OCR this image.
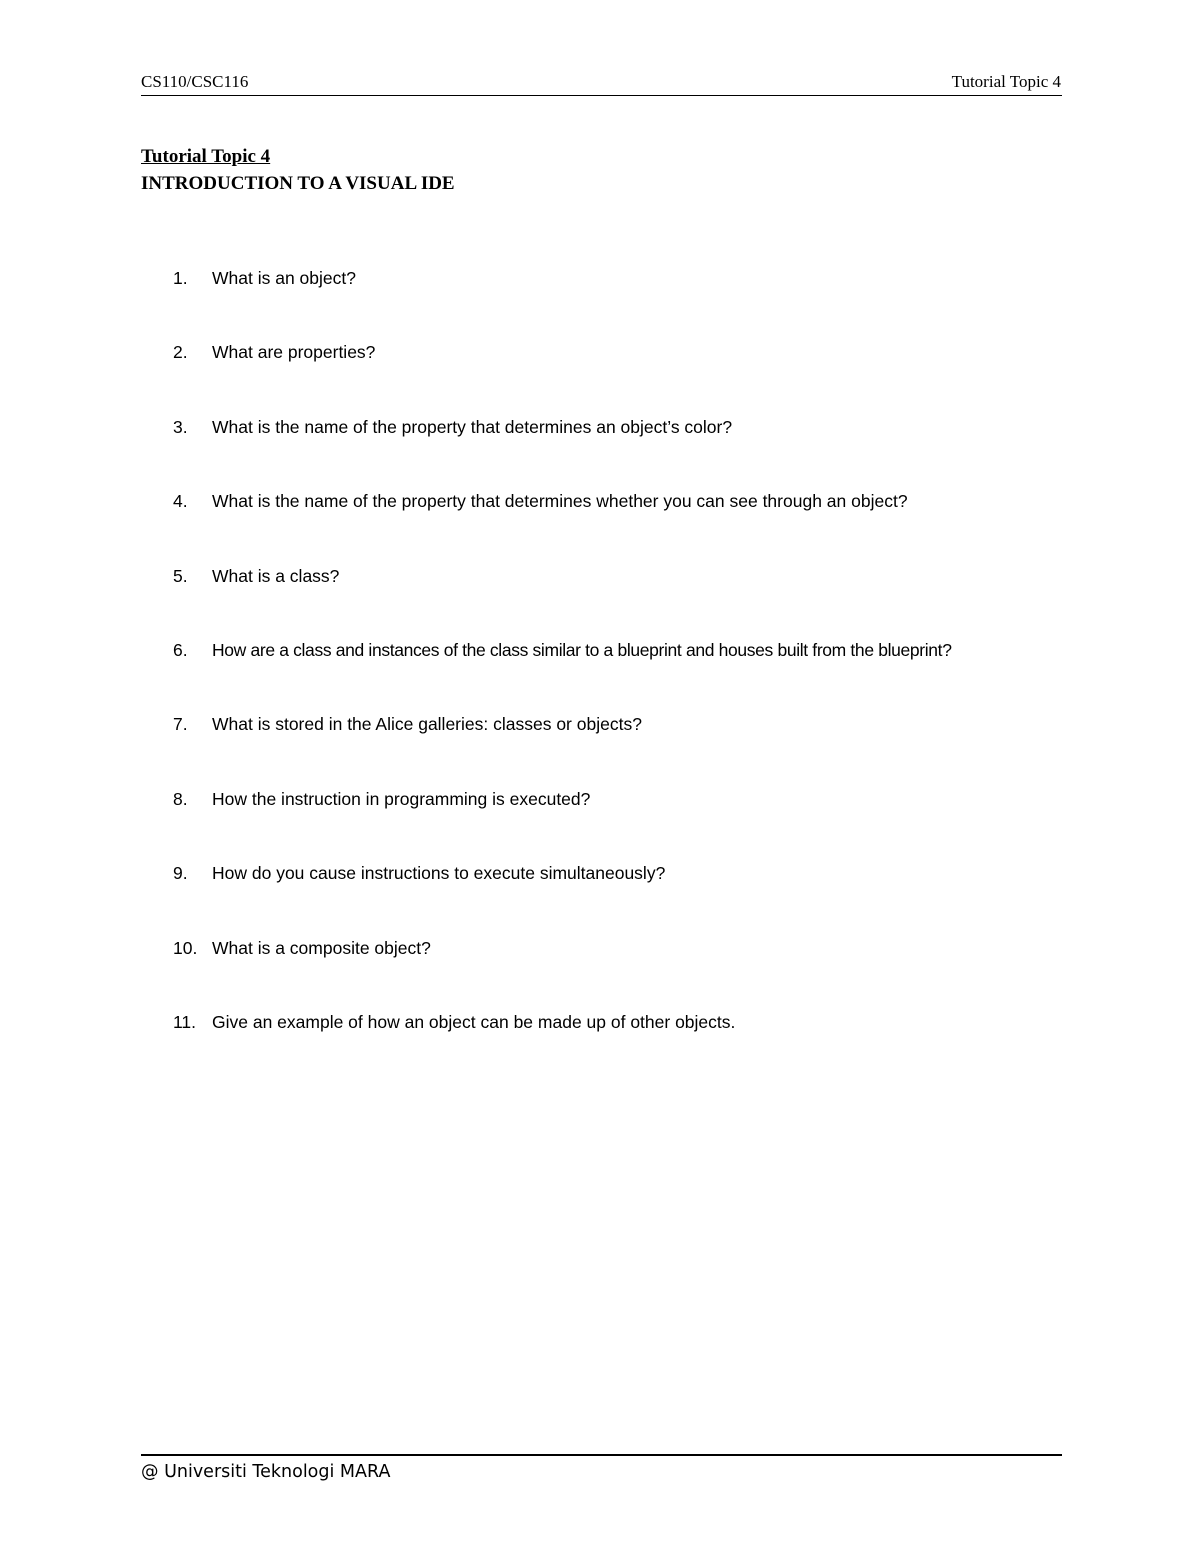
CS110/CSC116	Tutorial Topic 4
Tutorial Topic 4
INTRODUCTION TO A VISUAL IDE
1.	What is an object?
2.	What are properties?
3.	What is the name of the property that determines an object’s color?
4.	What is the name of the property that determines whether you can see through an object?
5.	What is a class?
6.	How are a class and instances of the class similar to a blueprint and houses built from the blueprint?
7.	What is stored in the Alice galleries: classes or objects?
8.	How the instruction in programming is executed?
9.	How do you cause instructions to execute simultaneously?
10. What is a composite object?
11. Give an example of how an object can be made up of other objects.
@ Universiti Teknologi MARA
